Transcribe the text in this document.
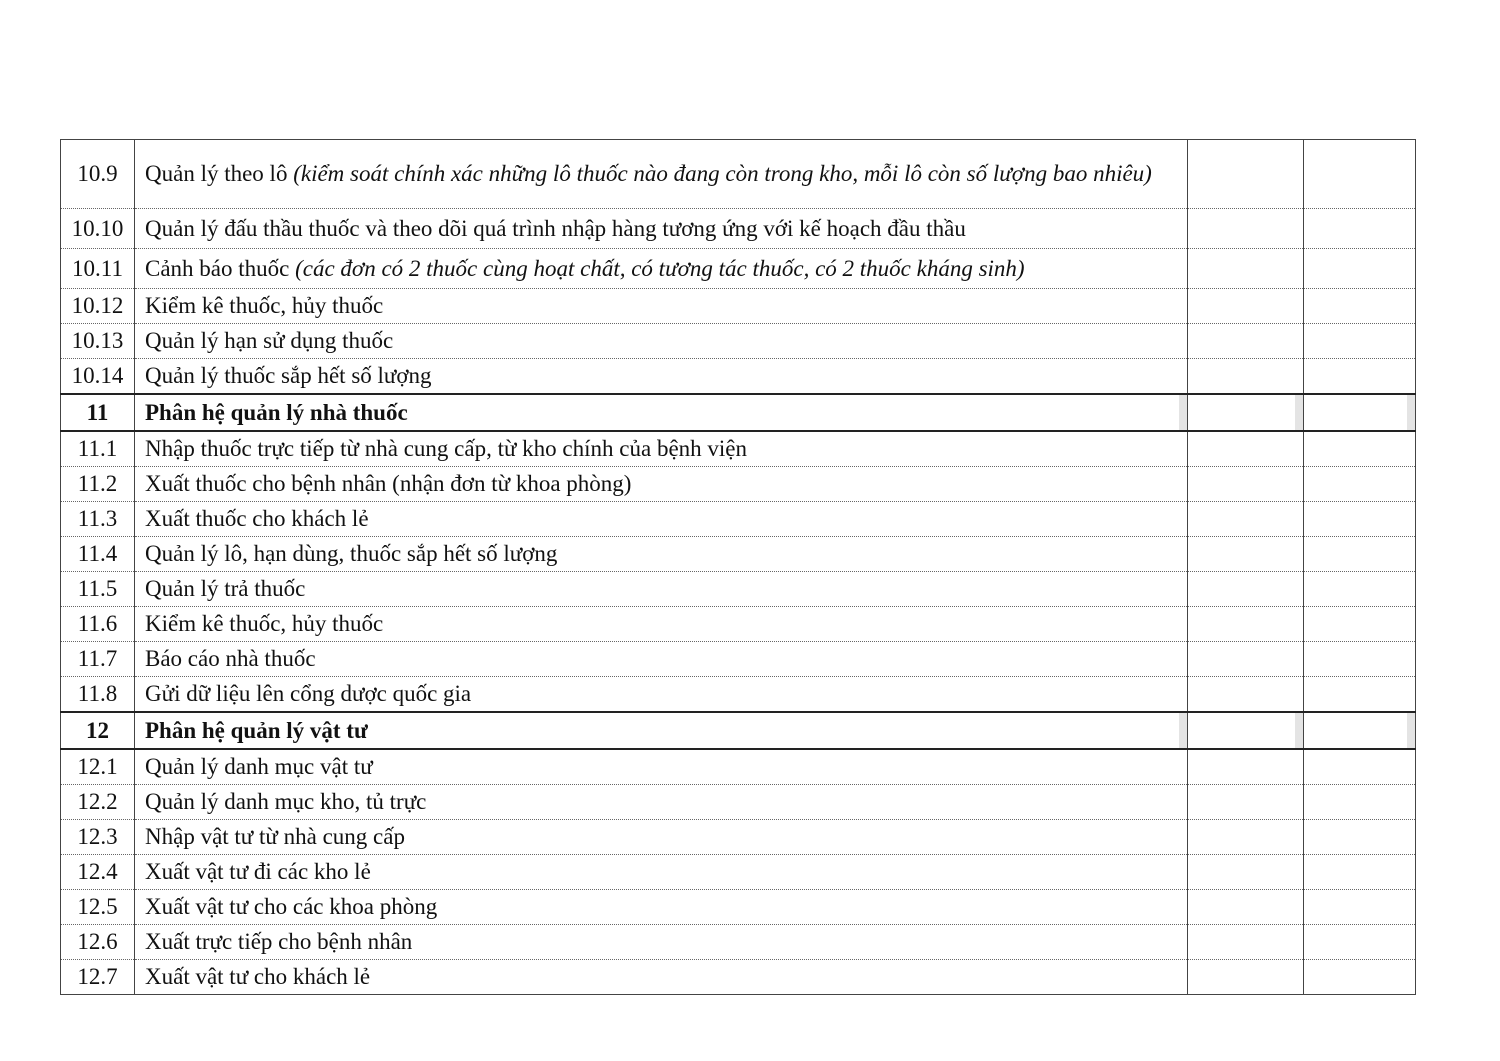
10.9	Quản lý theo lô (kiểm soát chính xác những lô thuốc nào đang còn trong kho, mỗi lô còn số lượng bao nhiêu)		
10.10	Quản lý đấu thầu thuốc và theo dõi quá trình nhập hàng tương ứng với kế hoạch đầu thầu		
10.11	Cảnh báo thuốc (các đơn có 2 thuốc cùng hoạt chất, có tương tác thuốc, có 2 thuốc kháng sinh)		
10.12	Kiểm kê thuốc, hủy thuốc		
10.13	Quản lý hạn sử dụng thuốc		
10.14	Quản lý thuốc sắp hết số lượng		
11	Phân hệ quản lý nhà thuốc		
11.1	Nhập thuốc trực tiếp từ nhà cung cấp, từ kho chính của bệnh viện		
11.2	Xuất thuốc cho bệnh nhân (nhận đơn từ khoa phòng)		
11.3	Xuất thuốc cho khách lẻ		
11.4	Quản lý lô, hạn dùng, thuốc sắp hết số lượng		
11.5	Quản lý trả thuốc		
11.6	Kiểm kê thuốc, hủy thuốc		
11.7	Báo cáo nhà thuốc		
11.8	Gửi dữ liệu lên cổng dược quốc gia		
12	Phân hệ quản lý vật tư		
12.1	Quản lý danh mục vật tư		
12.2	Quản lý danh mục kho, tủ trực		
12.3	Nhập vật tư từ nhà cung cấp		
12.4	Xuất vật tư đi các kho lẻ		
12.5	Xuất vật tư cho các khoa phòng		
12.6	Xuất trực tiếp cho bệnh nhân		
12.7	Xuất vật tư cho khách lẻ		
